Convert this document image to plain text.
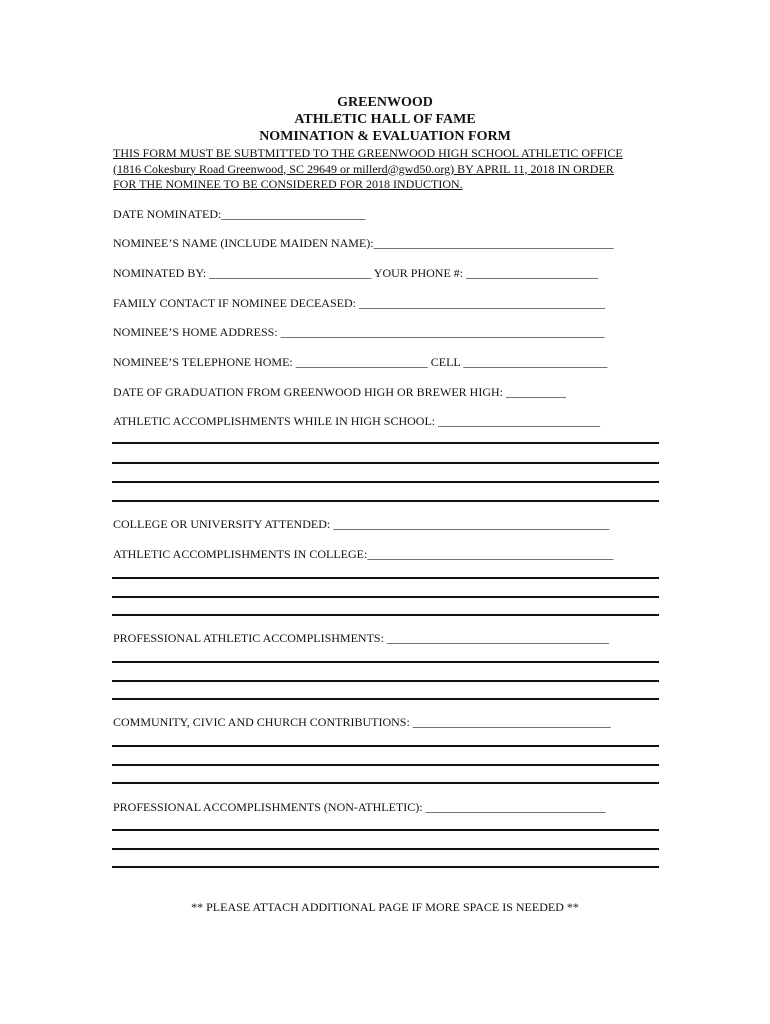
GREENWOOD
ATHLETIC HALL OF FAME
NOMINATION & EVALUATION FORM
THIS FORM MUST BE SUBTMITTED TO THE GREENWOOD HIGH SCHOOL ATHLETIC OFFICE
(1816 Cokesbury Road Greenwood, SC 29649 or millerd@gwd50.org) BY APRIL 11, 2018 IN ORDER
FOR THE NOMINEE TO BE CONSIDERED FOR 2018 INDUCTION.
DATE NOMINATED:________________________
NOMINEE’S NAME (INCLUDE MAIDEN NAME):________________________________________
NOMINATED BY: ___________________________ YOUR PHONE #: ______________________
FAMILY CONTACT IF NOMINEE DECEASED: _________________________________________
NOMINEE’S HOME ADDRESS: ______________________________________________________
NOMINEE’S TELEPHONE HOME: ______________________ CELL ________________________
DATE OF GRADUATION FROM GREENWOOD HIGH OR BREWER HIGH: __________
ATHLETIC ACCOMPLISHMENTS WHILE IN HIGH SCHOOL: ___________________________
COLLEGE OR UNIVERSITY ATTENDED: ______________________________________________
ATHLETIC ACCOMPLISHMENTS IN COLLEGE:_________________________________________
PROFESSIONAL ATHLETIC ACCOMPLISHMENTS: _____________________________________
COMMUNITY, CIVIC AND CHURCH CONTRIBUTIONS: _________________________________
PROFESSIONAL ACCOMPLISHMENTS (NON-ATHLETIC): ______________________________
** PLEASE ATTACH ADDITIONAL PAGE IF MORE SPACE IS NEEDED **
